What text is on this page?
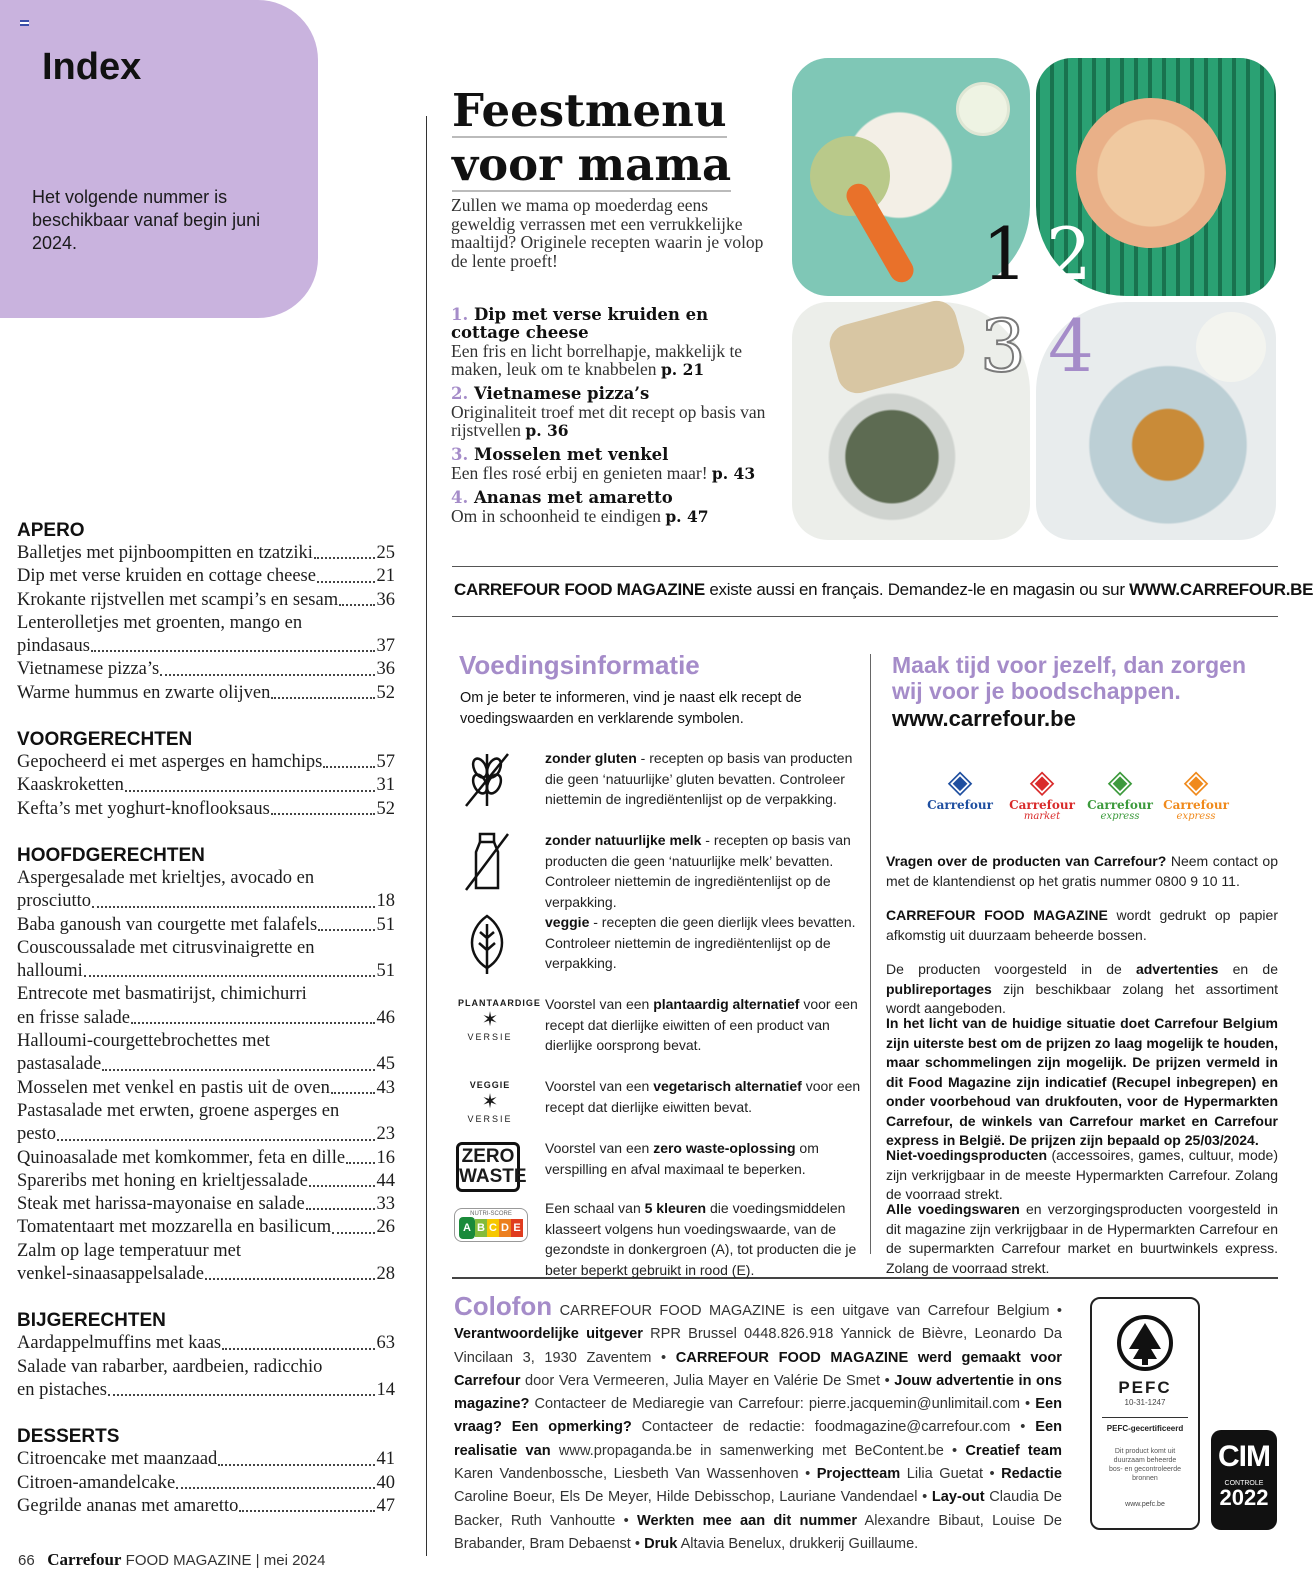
Index
Het volgende nummer is beschikbaar vanaf begin juni 2024.
APERO
Balletjes met pijnboompitten en tzatziki	25
Dip met verse kruiden en cottage cheese	21
Krokante rijstvellen met scampi’s en sesam 36
Lenterolletjes met groenten, mango en
pindasaus	37
Vietnamese pizza’s	36
Warme hummus en zwarte olijven	52
VOORGERECHTEN
Gepocheerd ei met asperges en hamchips	57
Kaaskroketten	31
Kefta’s met yoghurt-knoflooksaus	52
HOOFDGERECHTEN
Aspergesalade met krieltjes, avocado en
prosciutto	18
Baba ganoush van courgette met falafels	51
Couscoussalade met citrusvinaigrette en
halloumi	51
Entrecote met basmatirijst, chimichurri
en frisse salade	46
Halloumi-courgettebrochettes met
pastasalade	45
Mosselen met venkel en pastis uit de oven	43
Pastasalade met erwten, groene asperges en
pesto	23
Quinoasalade met komkommer, feta en dille 16
Spareribs met honing en krieltjessalade	44
Steak met harissa-mayonaise en salade	33
Tomatentaart met mozzarella en basilicum 26
Zalm op lage temperatuur met
venkel-sinaasappelsalade	28
BIJGERECHTEN
Aardappelmuffins met kaas	63
Salade van rabarber, aardbeien, radicchio
en pistaches	14
DESSERTS
Citroencake met maanzaad	41
Citroen-amandelcake	40
Gegrilde ananas met amaretto	47
66 Carrefour FOOD MAGAZINE | mei 2024
Feestmenu
voor mama
Zullen we mama op moederdag eens geweldig verrassen met een verrukkelijke maaltijd? Originele recepten waarin je volop de lente proeft!
1. Dip met verse kruiden en cottage cheese
Een fris en licht borrelhapje, makkelijk te maken, leuk om te knabbelen p. 21
2. Vietnamese pizza’s
Originaliteit troef met dit recept op basis van rijstvellen p. 36
3. Mosselen met venkel
Een fles rosé erbij en genieten maar! p. 43
4. Ananas met amaretto
Om in schoonheid te eindigen p. 47
1 2
3 4
CARREFOUR FOOD MAGAZINE existe aussi en français. Demandez-le en magasin ou sur WWW.CARREFOUR.BE
Voedingsinformatie
Om je beter te informeren, vind je naast elk recept de voedingswaarden en verklarende symbolen.
Maak tijd voor jezelf, dan zorgen wij voor je boodschappen.
www.carrefour.be
Colofon CARREFOUR FOOD MAGAZINE is een uitgave van Carrefour Belgium • Verantwoordelijke uitgever RPR Brussel 0448.826.918 Yannick de Bièvre, Leonardo Da Vincilaan 3, 1930 Zaventem • CARREFOUR FOOD MAGAZINE werd gemaakt voor Carrefour door Vera Vermeeren, Julia Mayer en Valérie De Smet • Jouw advertentie in ons magazine? Contacteer de Mediaregie van Carrefour: pierre.jacquemin@unlimitail.com • Een vraag? Een opmerking? Contacteer de redactie: foodmagazine@carrefour.com • Een realisatie van www.propaganda.be in samenwerking met BeContent.be • Creatief team Karen Vandenbossche, Liesbeth Van Wassenhoven • Projectteam Lilia Guetat • Redactie Caroline Boeur, Els De Meyer, Hilde Debisschop, Lauriane Vandendael • Lay-out Claudia De Backer, Ruth Vanhoutte • Werkten mee aan dit nummer Alexandre Bibaut, Louise De Brabander, Bram Debaenst • Druk Altavia Benelux, drukkerij Guillaume.
PEFC
10-31-1247
PEFC-gecertificeerd
Dit product komt uit duurzaam beheerde bos- en gecontroleerde bronnen
www.pefc.be
CIM
CONTROLE
2022
zonder gluten - recepten op basis van producten die geen ‘natuurlijke’ gluten bevatten. Controleer niettemin de ingrediëntenlijst op de verpakking.
zonder natuurlijke melk - recepten op basis van producten die geen ‘natuurlijke melk’ bevatten. Controleer niettemin de ingrediëntenlijst op de verpakking.
veggie - recepten die geen dierlijk vlees bevatten. Controleer niettemin de ingrediëntenlijst op de verpakking.
PLANTAARDIGE
✶
VERSIE
Voorstel van een plantaardig alternatief voor een recept dat dierlijke eiwitten of een product van dierlijke oorsprong bevat.
VEGGIE
✶
VERSIE
Voorstel van een vegetarisch alternatief voor een recept dat dierlijke eiwitten bevat.
ZERO
WASTE
Voorstel van een zero waste-oplossing om verspilling en afval maximaal te beperken.
NUTRI-SCORE
A B C D E
Een schaal van 5 kleuren die voedingsmiddelen klasseert volgens hun voedingswaarde, van de gezondste in donkergroen (A), tot producten die je beter beperkt gebruikt in rood (E).
◈
Carrefour
◈
Carrefour
market
◈
Carrefour
express
◈
Carrefour
express
Vragen over de producten van Carrefour? Neem contact op met de klantendienst op het gratis nummer 0800 9 10 11.
CARREFOUR FOOD MAGAZINE wordt gedrukt op papier afkomstig uit duurzaam beheerde bossen.
De producten voorgesteld in de advertenties en de publireportages zijn beschikbaar zolang het assortiment wordt aangeboden.
In het licht van de huidige situatie doet Carrefour Belgium zijn uiterste best om de prijzen zo laag mogelijk te houden, maar schommelingen zijn mogelijk. De prijzen vermeld in dit Food Magazine zijn indicatief (Recupel inbegrepen) en onder voorbehoud van drukfouten, voor de Hypermarkten Carrefour, de winkels van Carrefour market en Carrefour express in België. De prijzen zijn bepaald op 25/03/2024.
Niet-voedingsproducten (accessoires, games, cultuur, mode) zijn verkrijgbaar in de meeste Hypermarkten Carrefour. Zolang de voorraad strekt.
Alle voedingswaren en verzorgingsproducten voorgesteld in dit magazine zijn verkrijgbaar in de Hypermarkten Carrefour en de supermarkten Carrefour market en buurtwinkels express. Zolang de voorraad strekt.
